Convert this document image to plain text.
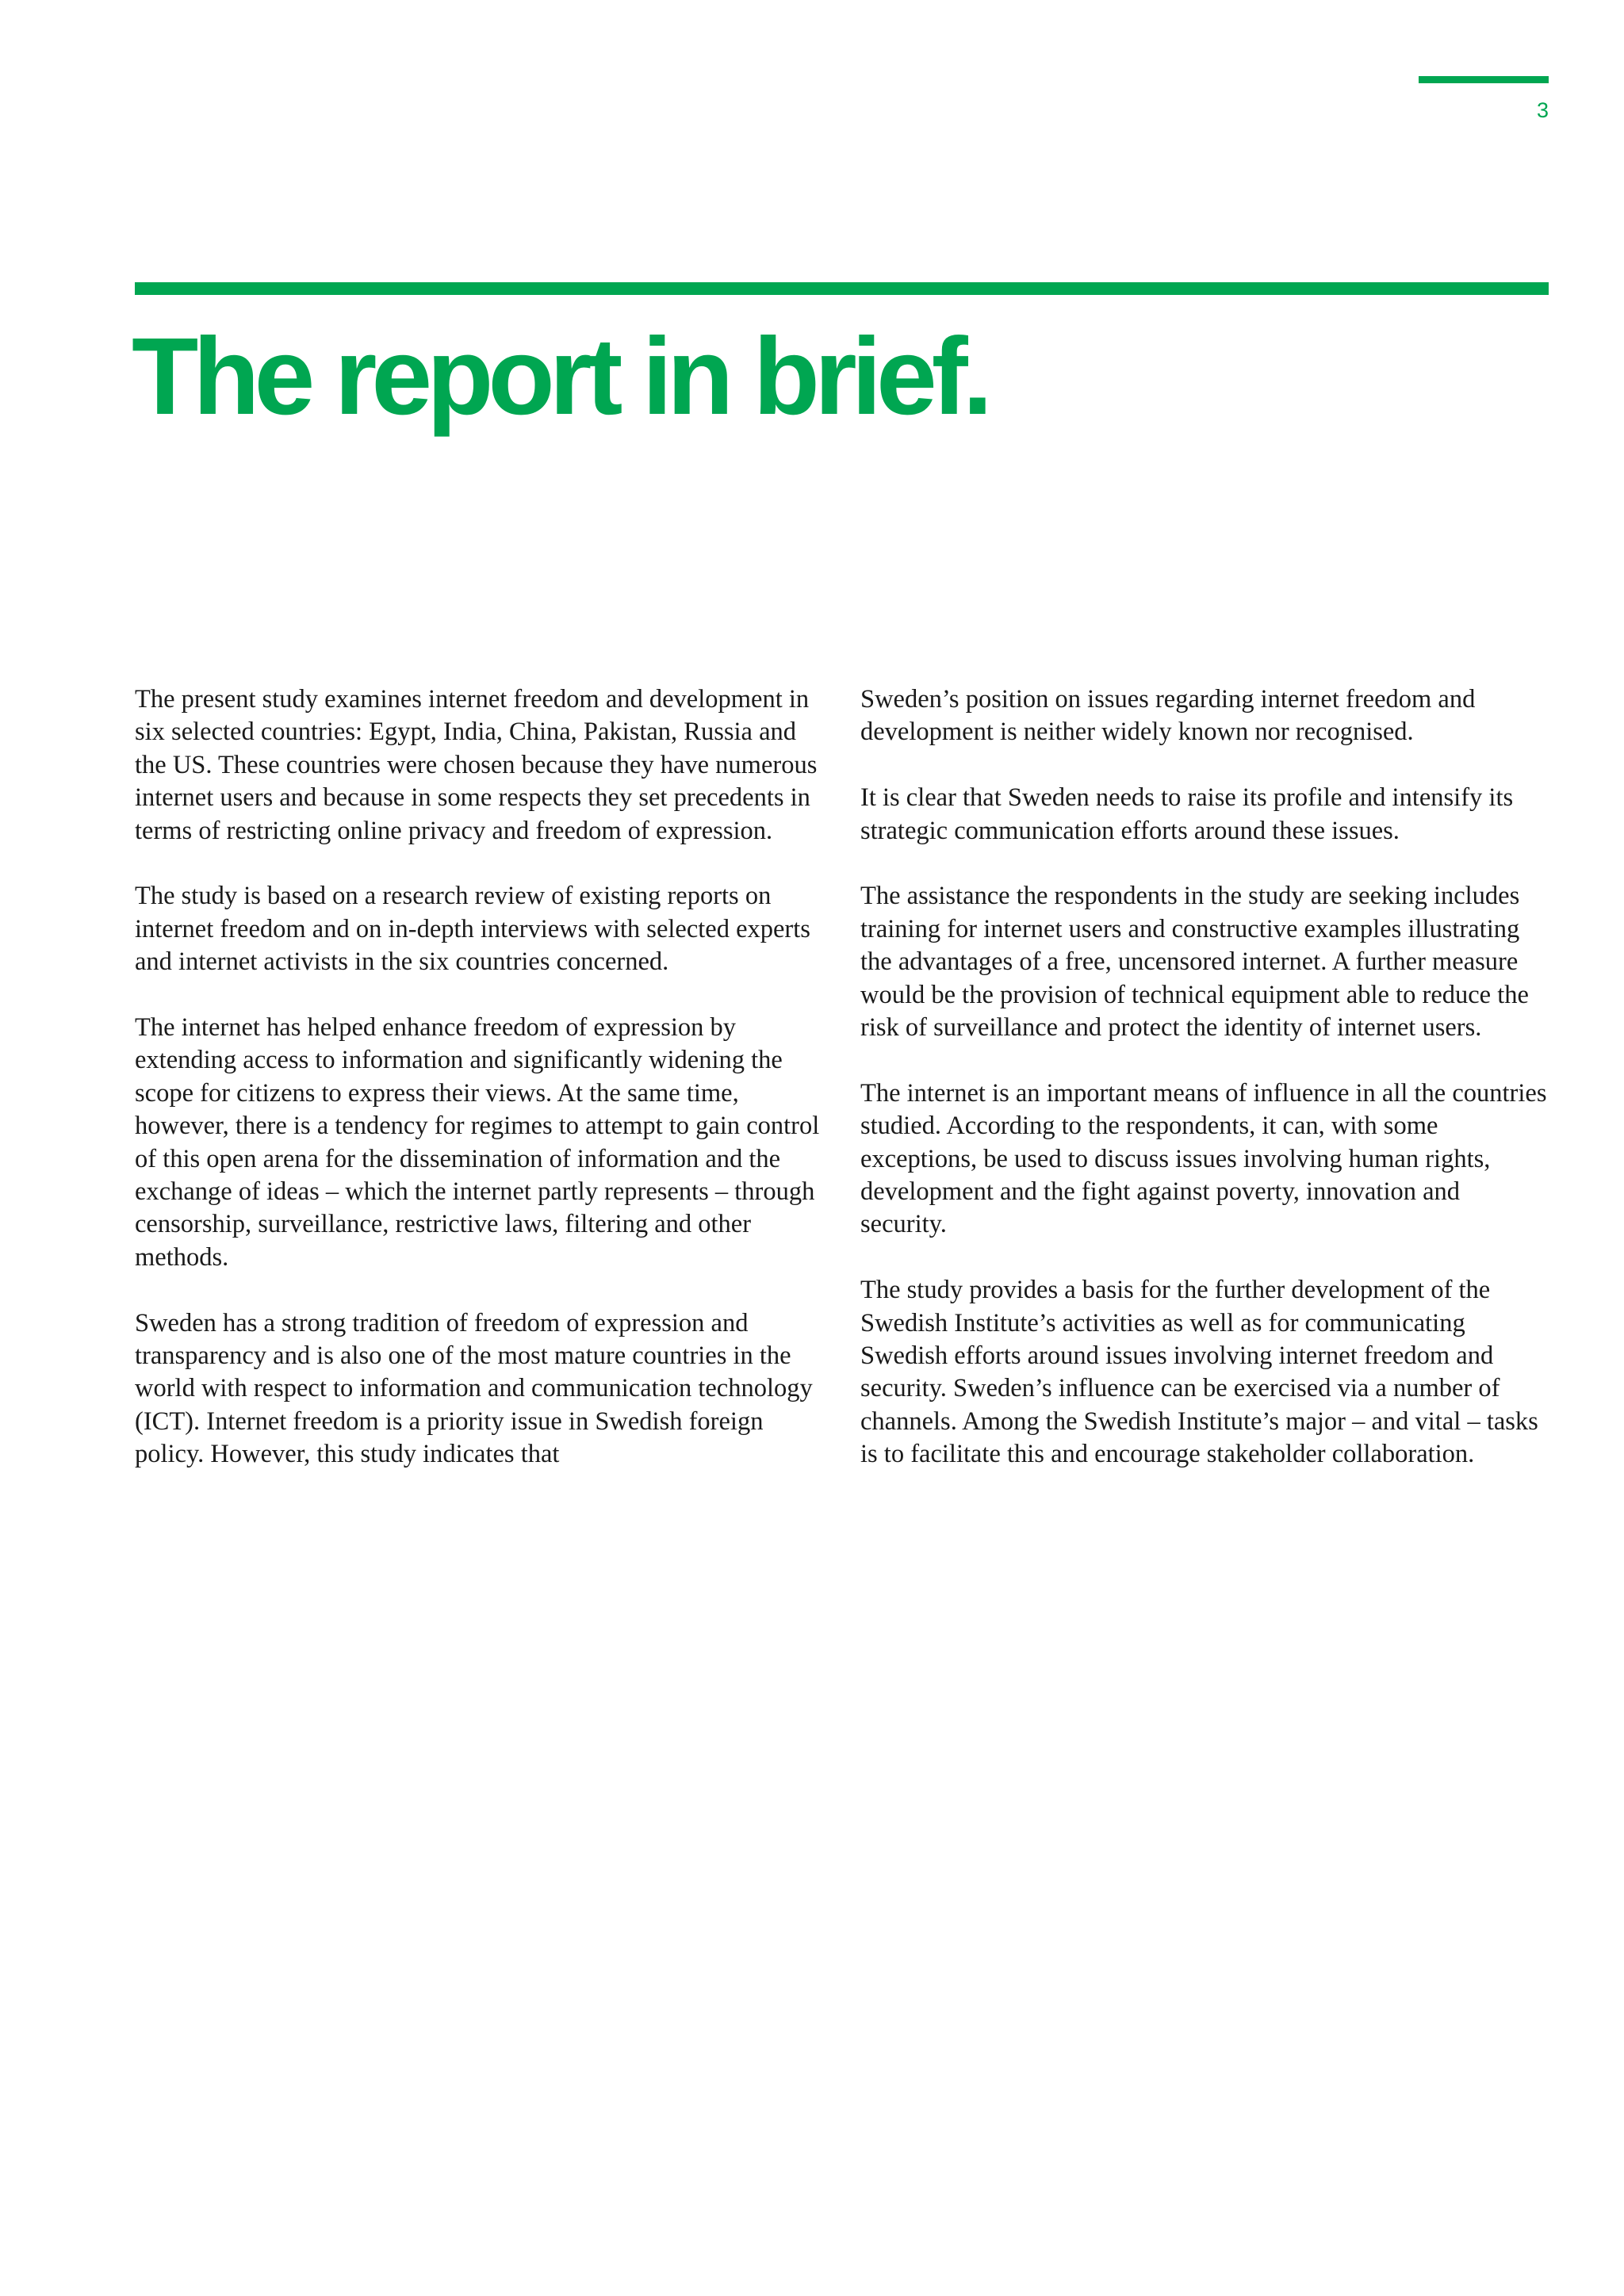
3
The report in brief.

The present study examines internet freedom and development in six selected countries: Egypt, India, China, Pakistan, Russia and the US. These countries were chosen because they have numerous internet users and because in some respects they set precedents in terms of restricting online privacy and freedom of expression.

The study is based on a research review of existing reports on internet freedom and on in-depth interviews with selected experts and internet activists in the six countries concerned.

The internet has helped enhance freedom of expression by extending access to information and significantly widening the scope for citizens to express their views. At the same time, however, there is a tendency for regimes to attempt to gain control of this open arena for the dissemination of information and the exchange of ideas – which the internet partly represents – through censorship, surveillance, restrictive laws, filtering and other methods.

Sweden has a strong tradition of freedom of expression and transparency and is also one of the most mature countries in the world with respect to information and communication technology (ICT). Internet freedom is a priority issue in Swedish foreign policy. However, this study indicates that

Sweden’s position on issues regarding internet freedom and development is neither widely known nor recognised.

It is clear that Sweden needs to raise its profile and intensify its strategic communication efforts around these issues.

The assistance the respondents in the study are seeking includes training for internet users and constructive examples illustrating the advantages of a free, uncensored internet. A further measure would be the provision of technical equipment able to reduce the risk of surveillance and protect the identity of internet users.

The internet is an important means of influence in all the countries studied. According to the respondents, it can, with some exceptions, be used to discuss issues involving human rights, development and the fight against poverty, innovation and security.

The study provides a basis for the further development of the Swedish Institute’s activities as well as for communicating Swedish efforts around issues involving internet freedom and security. Sweden’s influence can be exercised via a number of channels. Among the Swedish Institute’s major – and vital – tasks is to facilitate this and encourage stakeholder collaboration.
